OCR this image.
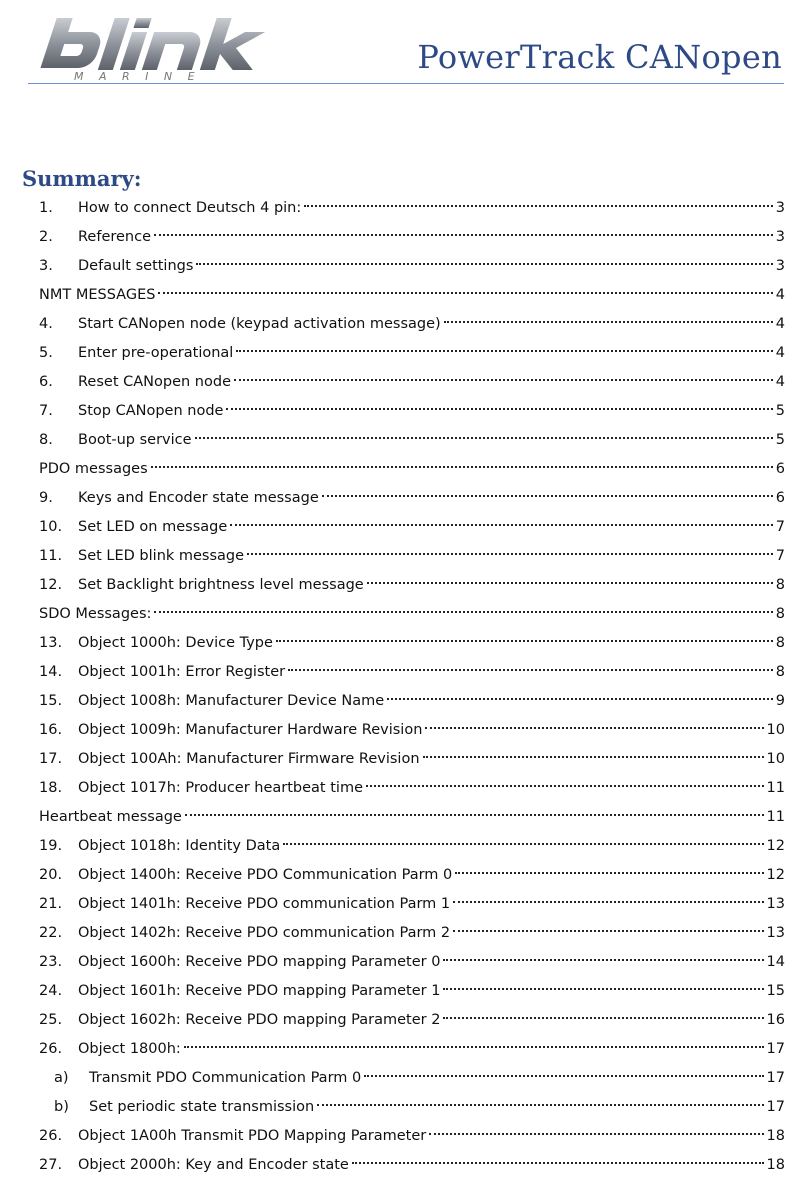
M A R I N E
PowerTrack CANopen
Summary:
1.	How to connect Deutsch 4 pin:	3
2.	Reference	3
3.	Default settings	3
NMT MESSAGES	4
4.	Start CANopen node (keypad activation message)	4
5.	Enter pre-operational	4
6.	Reset CANopen node	4
7.	Stop CANopen node	5
8.	Boot-up service	5
PDO messages	6
9.	Keys and Encoder state message	6
10.	Set LED on message	7
11.	Set LED blink message	7
12.	Set Backlight brightness level message	8
SDO Messages:	8
13.	Object 1000h: Device Type	8
14.	Object 1001h: Error Register	8
15.	Object 1008h: Manufacturer Device Name	9
16.	Object 1009h: Manufacturer Hardware Revision	10
17.	Object 100Ah: Manufacturer Firmware Revision	10
18.	Object 1017h: Producer heartbeat time	11
Heartbeat message	11
19.	Object 1018h: Identity Data	12
20.	Object 1400h: Receive PDO Communication Parm 0	12
21.	Object 1401h: Receive PDO communication Parm 1	13
22.	Object 1402h: Receive PDO communication Parm 2	13
23.	Object 1600h: Receive PDO mapping Parameter 0	14
24.	Object 1601h: Receive PDO mapping Parameter 1	15
25.	Object 1602h: Receive PDO mapping Parameter 2	16
26.	Object 1800h:	17
a)	Transmit PDO Communication Parm 0	17
b)	Set periodic state transmission	17
26.	Object 1A00h Transmit PDO Mapping Parameter	18
27.	Object 2000h: Key and Encoder state	18
